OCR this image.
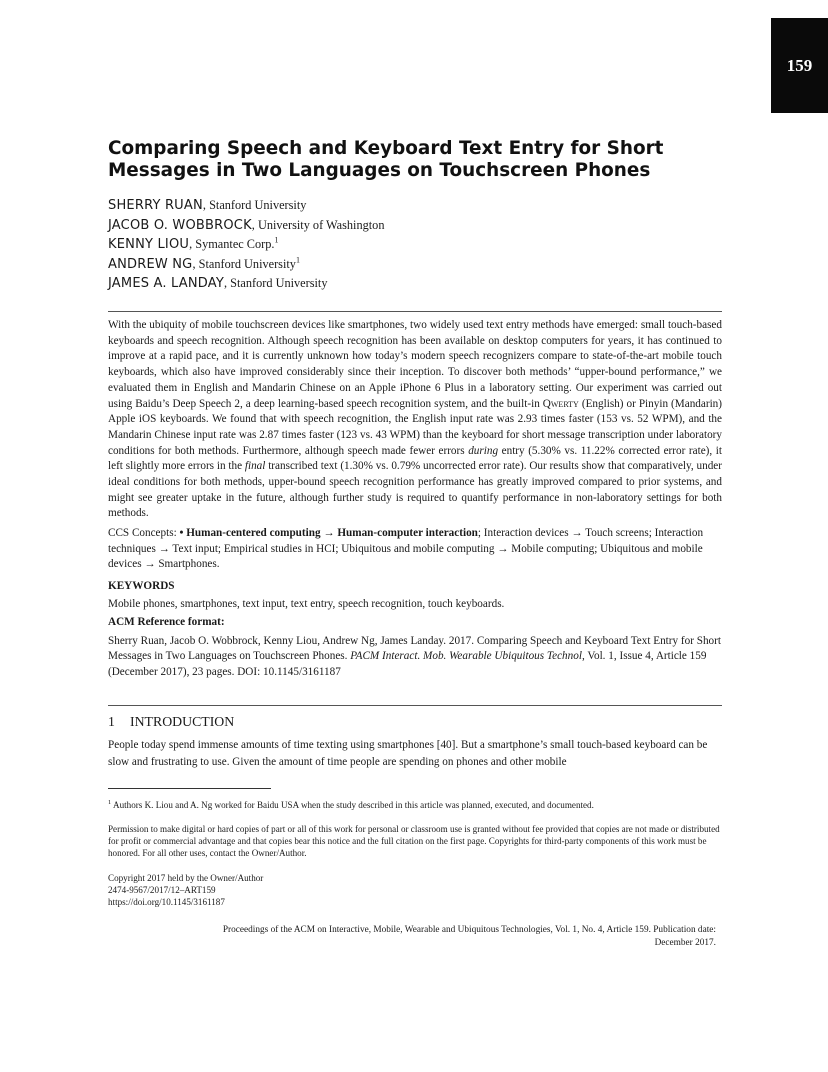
159
Comparing Speech and Keyboard Text Entry for Short Messages in Two Languages on Touchscreen Phones
SHERRY RUAN, Stanford University
JACOB O. WOBBROCK, University of Washington
KENNY LIOU, Symantec Corp.$^1$
ANDREW NG, Stanford University$^1$
JAMES A. LANDAY, Stanford University

With the ubiquity of mobile touchscreen devices like smartphones, two widely used text entry methods have emerged: small touch-based keyboards and speech recognition. Although speech recognition has been available on desktop computers for years, it has continued to improve at a rapid pace, and it is currently unknown how today’s modern speech recognizers compare to state-of-the-art mobile touch keyboards, which also have improved considerably since their inception. To discover both methods’ “upper-bound performance,” we evaluated them in English and Mandarin Chinese on an Apple iPhone 6 Plus in a laboratory setting. Our experiment was carried out using Baidu’s Deep Speech 2, a deep learning-based speech recognition system, and the built-in Qwerty (English) or Pinyin (Mandarin) Apple iOS keyboards. We found that with speech recognition, the English input rate was 2.93 times faster (153 vs. 52 WPM), and the Mandarin Chinese input rate was 2.87 times faster (123 vs. 43 WPM) than the keyboard for short message transcription under laboratory conditions for both methods. Furthermore, although speech made fewer errors during entry (5.30% vs. 11.22% corrected error rate), it left slightly more errors in the final transcribed text (1.30% vs. 0.79% uncorrected error rate). Our results show that comparatively, under ideal conditions for both methods, upper-bound speech recognition performance has greatly improved compared to prior systems, and might see greater uptake in the future, although further study is required to quantify performance in non-laboratory settings for both methods.

CCS Concepts: • Human-centered computing → Human-computer interaction; Interaction devices → Touch screens; Interaction techniques → Text input; Empirical studies in HCI; Ubiquitous and mobile computing → Mobile computing; Ubiquitous and mobile devices → Smartphones.

KEYWORDS
Mobile phones, smartphones, text input, text entry, speech recognition, touch keyboards.
ACM Reference format:

Sherry Ruan, Jacob O. Wobbrock, Kenny Liou, Andrew Ng, James Landay. 2017. Comparing Speech and Keyboard Text Entry for Short Messages in Two Languages on Touchscreen Phones. PACM Interact. Mob. Wearable Ubiquitous Technol, Vol. 1, Issue 4, Article 159 (December 2017), 23 pages. DOI: 10.1145/3161187

1 INTRODUCTION

People today spend immense amounts of time texting using smartphones [40]. But a smartphone’s small touch-based keyboard can be slow and frustrating to use. Given the amount of time people are spending on phones and other mobile

$^1$ Authors K. Liou and A. Ng worked for Baidu USA when the study described in this article was planned, executed, and documented.

Permission to make digital or hard copies of part or all of this work for personal or classroom use is granted without fee provided that copies are not made or distributed for profit or commercial advantage and that copies bear this notice and the full citation on the first page. Copyrights for third-party components of this work must be honored. For all other uses, contact the Owner/Author.

Copyright 2017 held by the Owner/Author
2474-9567/2017/12–ART159
https://doi.org/10.1145/3161187
Proceedings of the ACM on Interactive, Mobile, Wearable and Ubiquitous Technologies, Vol. 1, No. 4, Article 159. Publication date:
December 2017.
